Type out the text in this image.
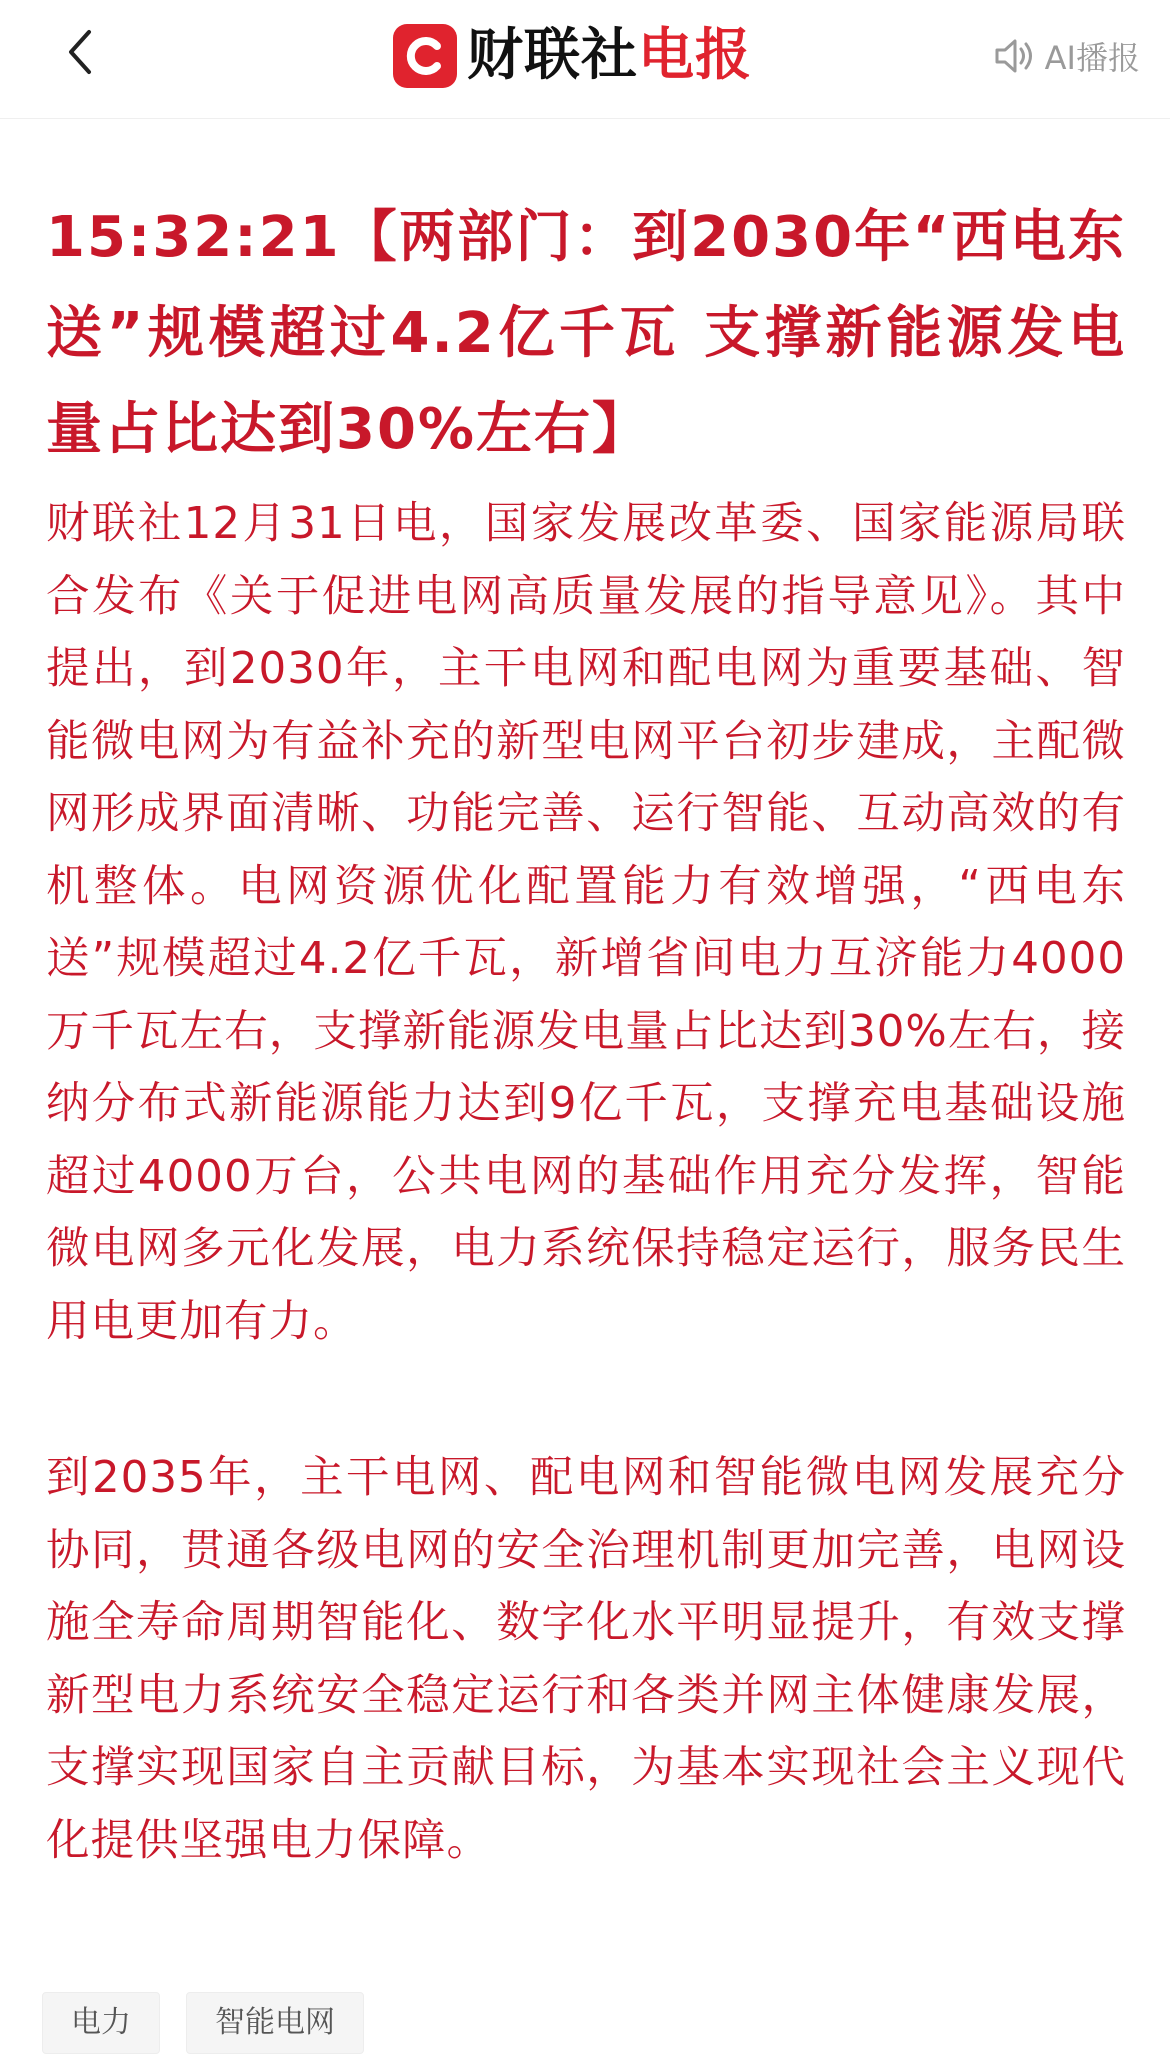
财联社电报	AI播报
15:32:21【两部门：到2030年“西电东送”规模超过4.2亿千瓦 支撑新能源发电量占比达到30%左右】

财联社12月31日电，国家发展改革委、国家能源局联合发布《关于促进电网高质量发展的指导意见》。其中提出，到2030年，主干电网和配电网为重要基础、智能微电网为有益补充的新型电网平台初步建成，主配微网形成界面清晰、功能完善、运行智能、互动高效的有机整体。电网资源优化配置能力有效增强，“西电东送”规模超过4.2亿千瓦，新增省间电力互济能力4000万千瓦左右，支撑新能源发电量占比达到30%左右，接纳分布式新能源能力达到9亿千瓦，支撑充电基础设施超过4000万台，公共电网的基础作用充分发挥，智能微电网多元化发展，电力系统保持稳定运行，服务民生用电更加有力。

到2035年，主干电网、配电网和智能微电网发展充分协同，贯通各级电网的安全治理机制更加完善，电网设施全寿命周期智能化、数字化水平明显提升，有效支撑新型电力系统安全稳定运行和各类并网主体健康发展，支撑实现国家自主贡献目标，为基本实现社会主义现代化提供坚强电力保障。

电力	智能电网
